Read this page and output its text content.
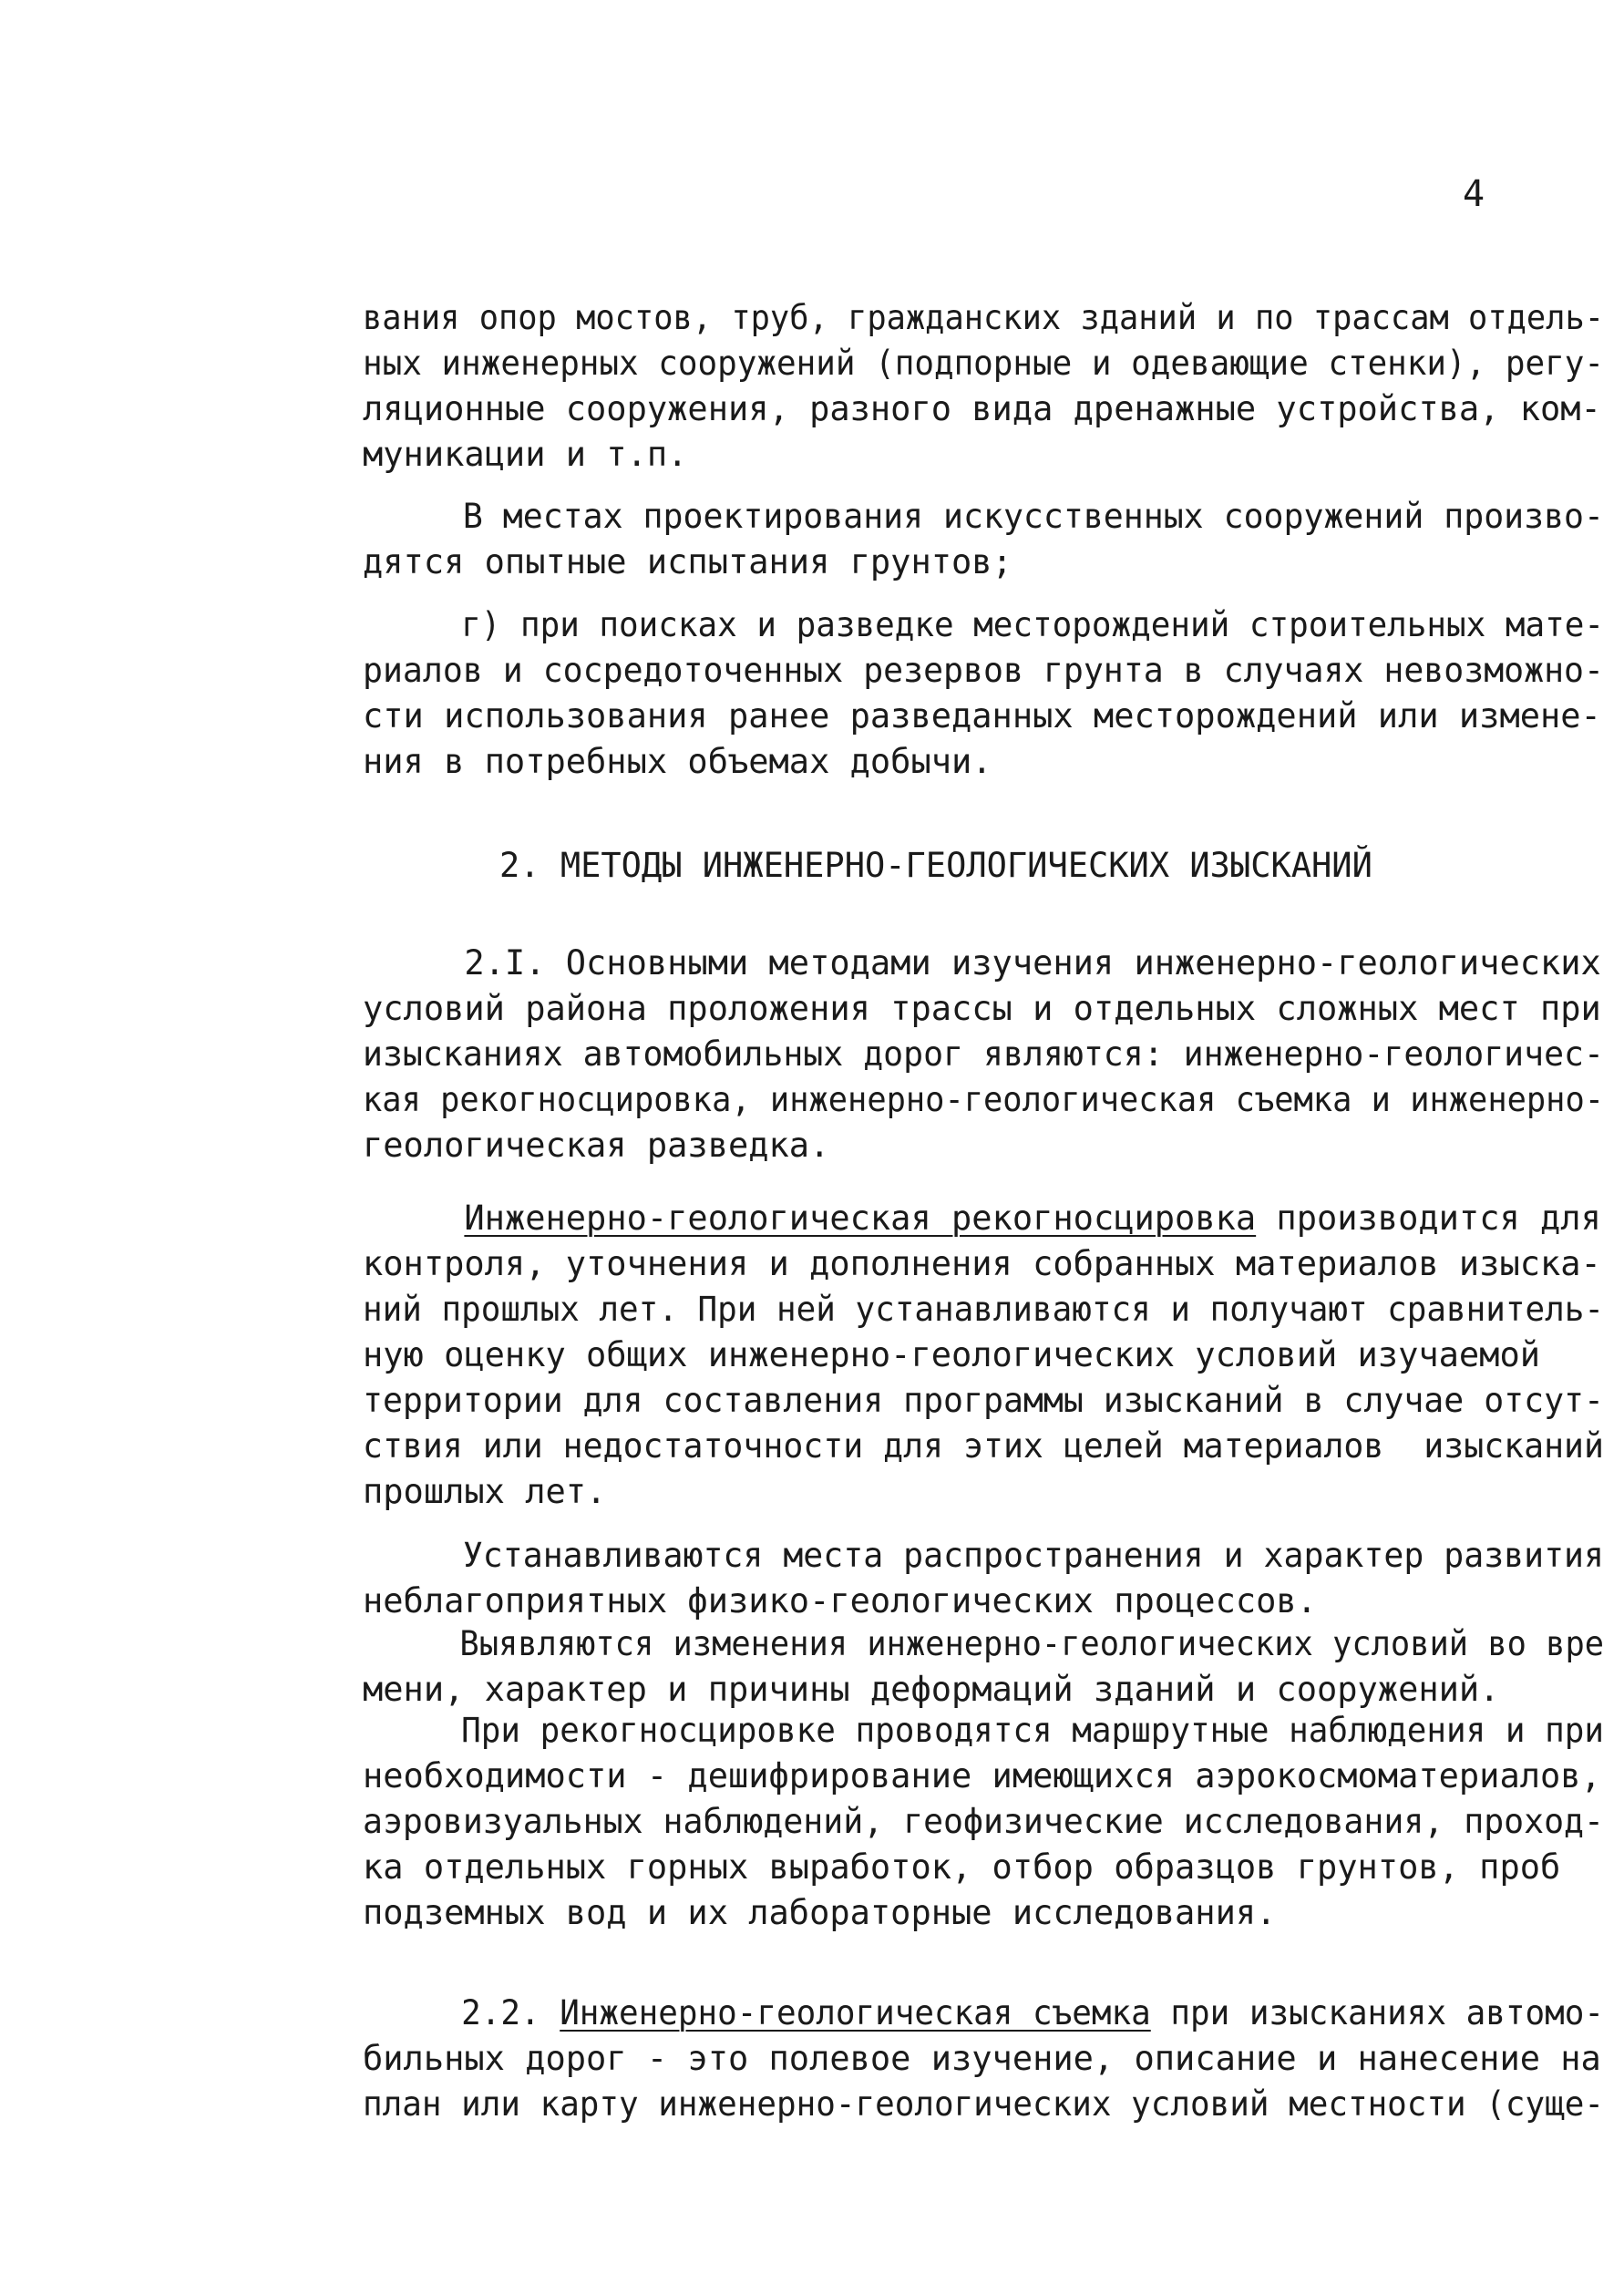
4
вания опор мостов, труб, гражданских зданий и по трассам отдель-
ных инженерных сооружений (подпорные и одевающие стенки), регу-
ляционные сооружения, разного вида дренажные устройства, ком-
муникации и т.п.
В местах проектирования искусственных сооружений произво-
дятся опытные испытания грунтов;
г) при поисках и разведке месторождений строительных мате-
риалов и сосредоточенных резервов грунта в случаях невозможно-
сти использования ранее разведанных месторождений или измене-
ния в потребных объемах добычи.
2. МЕТОДЫ ИНЖЕНЕРНО-ГЕОЛОГИЧЕСКИХ ИЗЫСКАНИЙ
2.I. Основными методами изучения инженерно-геологических
условий района проложения трассы и отдельных сложных мест при
изысканиях автомобильных дорог являются: инженерно-геологичес-
кая рекогносцировка, инженерно-геологическая съемка и инженерно-
геологическая разведка.
Инженерно-геологическая рекогносцировка производится для
контроля, уточнения и дополнения собранных материалов изыска-
ний прошлых лет. При ней устанавливаются и получают сравнитель-
ную оценку общих инженерно-геологических условий изучаемой
территории для составления программы изысканий в случае отсут-
ствия или недостаточности для этих целей материалов  изысканий
прошлых лет.
Устанавливаются места распространения и характер развития
неблагоприятных физико-геологических процессов.
Выявляются изменения инженерно-геологических условий во вре
мени, характер и причины деформаций зданий и сооружений.
При рекогносцировке проводятся маршрутные наблюдения и при
необходимости - дешифрирование имеющихся аэрокосмоматериалов,
аэровизуальных наблюдений, геофизические исследования, проход-
ка отдельных горных выработок, отбор образцов грунтов, проб
подземных вод и их лабораторные исследования.
2.2. Инженерно-геологическая съемка при изысканиях автомо-
бильных дорог - это полевое изучение, описание и нанесение на
план или карту инженерно-геологических условий местности (суще-
